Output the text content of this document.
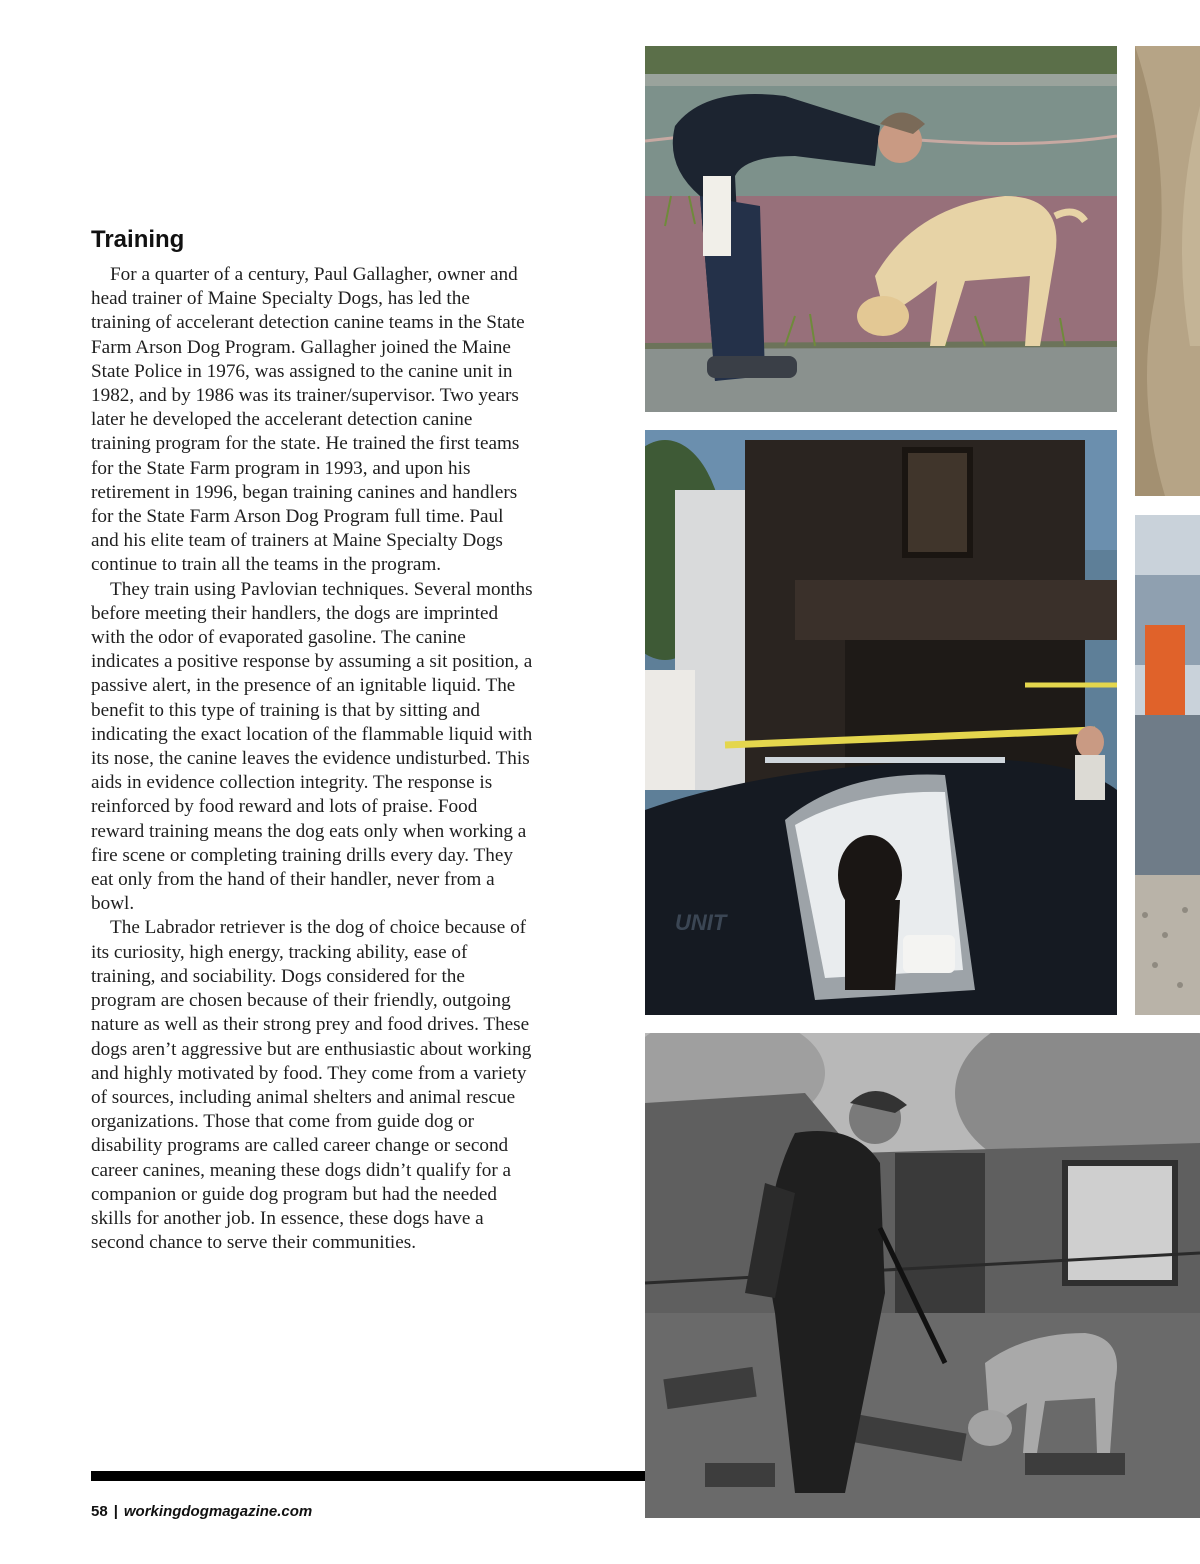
Training

For a quarter of a century, Paul Gallagher, owner and head trainer of Maine Specialty Dogs, has led the training of accelerant detection canine teams in the State Farm Arson Dog Program. Gallagher joined the Maine State Police in 1976, was assigned to the canine unit in 1982, and by 1986 was its trainer/supervisor. Two years later he developed the accelerant detection canine training program for the state. He trained the first teams for the State Farm program in 1993, and upon his retirement in 1996, began training canines and handlers for the State Farm Arson Dog Program full time. Paul and his elite team of trainers at Maine Specialty Dogs continue to train all the teams in the program.

They train using Pavlovian techniques. Several months before meeting their handlers, the dogs are imprinted with the odor of evaporated gasoline. The canine indicates a positive response by assuming a sit position, a passive alert, in the presence of an ignitable liquid. The benefit to this type of training is that by sitting and indicating the exact location of the flammable liquid with its nose, the canine leaves the evidence undisturbed. This aids in evidence collection integrity. The response is reinforced by food reward and lots of praise. Food reward training means the dog eats only when working a fire scene or completing training drills every day. They eat only from the hand of their handler, never from a bowl.

The Labrador retriever is the dog of choice because of its curiosity, high energy, tracking ability, ease of training, and sociability. Dogs considered for the program are chosen because of their friendly, outgoing nature as well as their strong prey and food drives. These dogs aren’t aggressive but are enthusiastic about working and highly motivated by food. They come from a variety of sources, including animal shelters and animal rescue organizations. Those that come from guide dog or disability programs are called career change or second career canines, meaning these dogs didn’t qualify for a companion or guide dog program but had the needed skills for another job. In essence, these dogs have a second chance to serve their communities.

58 | workingdogmagazine.com
UNIT
